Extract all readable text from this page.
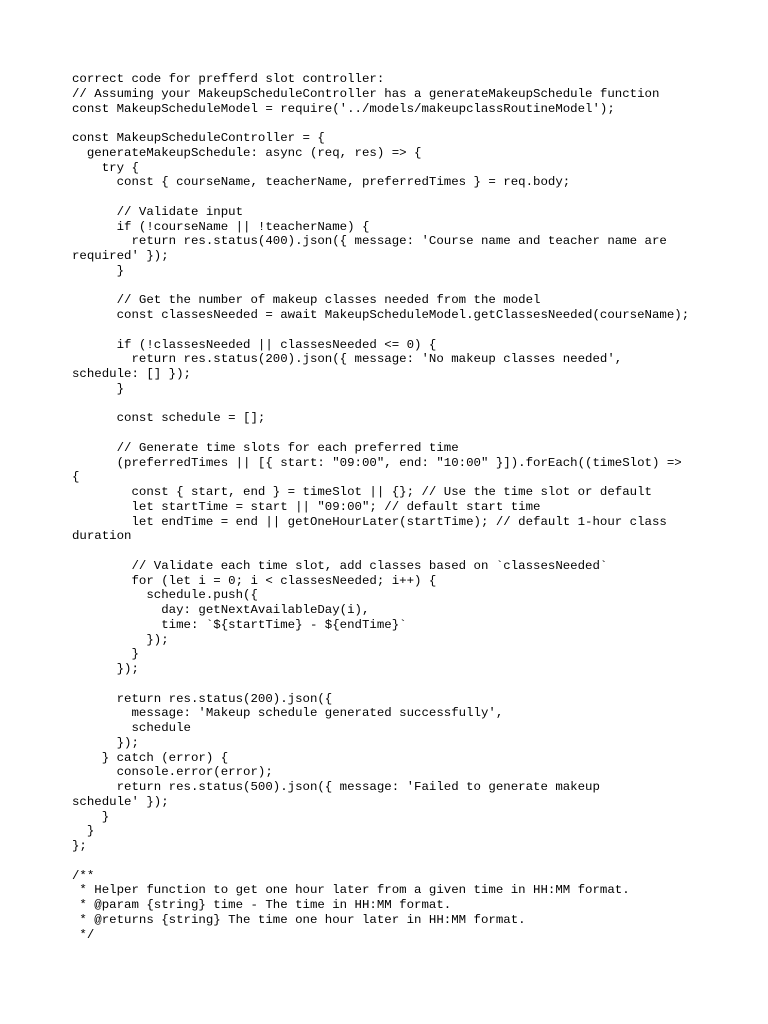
correct code for prefferd slot controller:
// Assuming your MakeupScheduleController has a generateMakeupSchedule function
const MakeupScheduleModel = require('../models/makeupclassRoutineModel');
const MakeupScheduleController = {
generateMakeupSchedule: async (req, res) => {
try {
const { courseName, teacherName, preferredTimes } = req.body;
// Validate input
if (!courseName || !teacherName) {
return res.status(400).json({ message: 'Course name and teacher name are
required' });
}
// Get the number of makeup classes needed from the model
const classesNeeded = await MakeupScheduleModel.getClassesNeeded(courseName);
if (!classesNeeded || classesNeeded <= 0) {
return res.status(200).json({ message: 'No makeup classes needed',
schedule: [] });
}
const schedule = [];
// Generate time slots for each preferred time
(preferredTimes || [{ start: "09:00", end: "10:00" }]).forEach((timeSlot) =>
{
const { start, end } = timeSlot || {}; // Use the time slot or default
let startTime = start || "09:00"; // default start time
let endTime = end || getOneHourLater(startTime); // default 1-hour class
duration
// Validate each time slot, add classes based on `classesNeeded`
for (let i = 0; i < classesNeeded; i++) {
schedule.push({
day: getNextAvailableDay(i),
time: `${startTime} - ${endTime}`
});
}
});
return res.status(200).json({
message: 'Makeup schedule generated successfully',
schedule
});
} catch (error) {
console.error(error);
return res.status(500).json({ message: 'Failed to generate makeup
schedule' });
}
}
};
/**
* Helper function to get one hour later from a given time in HH:MM format.
* @param {string} time - The time in HH:MM format.
* @returns {string} The time one hour later in HH:MM format.
*/
